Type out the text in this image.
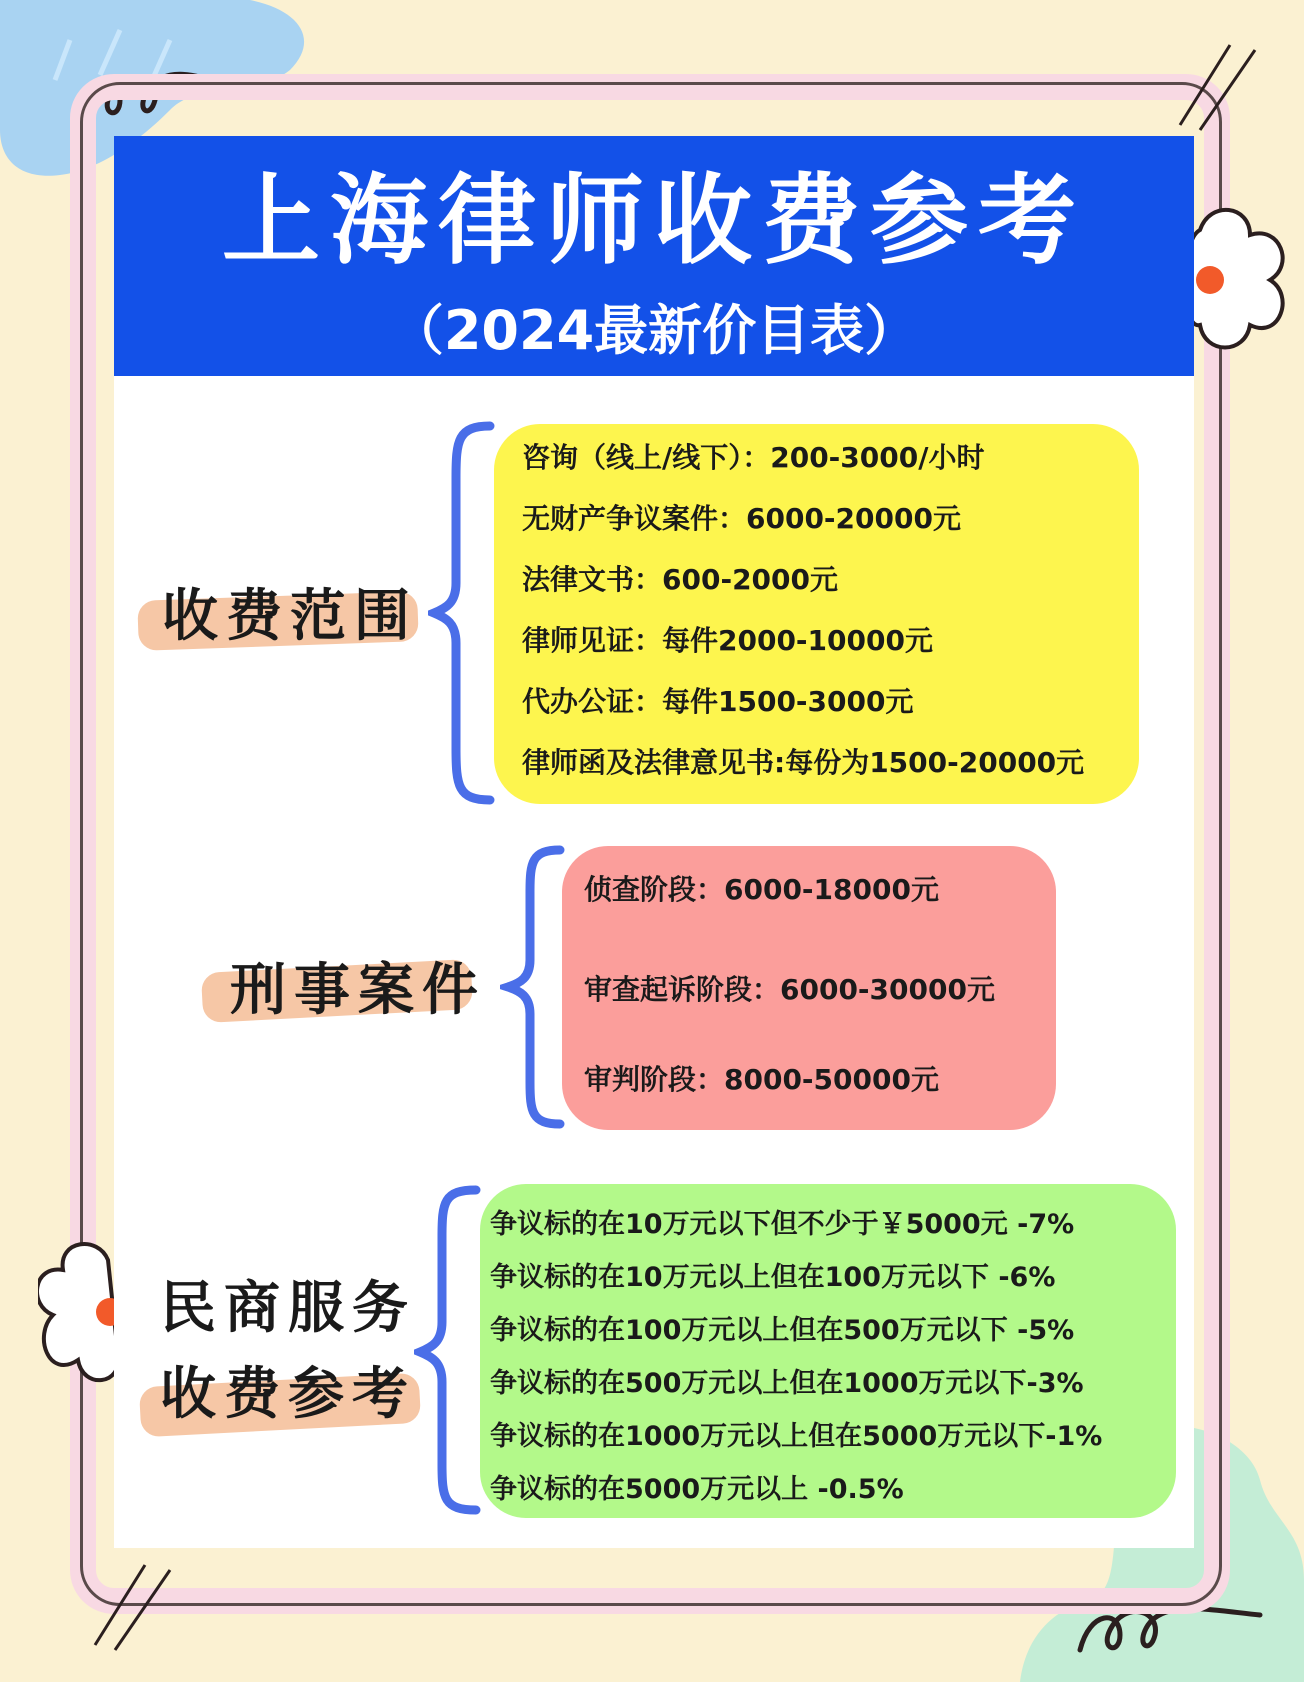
上海律师收费参考
（2024最新价目表）
收费范围
咨询（线上/线下）：200-3000/小时
无财产争议案件：6000-20000元
法律文书：600-2000元
律师见证：每件2000-10000元
代办公证：每件1500-3000元
律师函及法律意见书:每份为1500-20000元
刑事案件
侦查阶段：6000-18000元
审查起诉阶段：6000-30000元
审判阶段：8000-50000元
民商服务
收费参考
争议标的在10万元以下但不少于￥5000元 -7%
争议标的在10万元以上但在100万元以下 -6%
争议标的在100万元以上但在500万元以下 -5%
争议标的在500万元以上但在1000万元以下-3%
争议标的在1000万元以上但在5000万元以下-1%
争议标的在5000万元以上 -0.5%
